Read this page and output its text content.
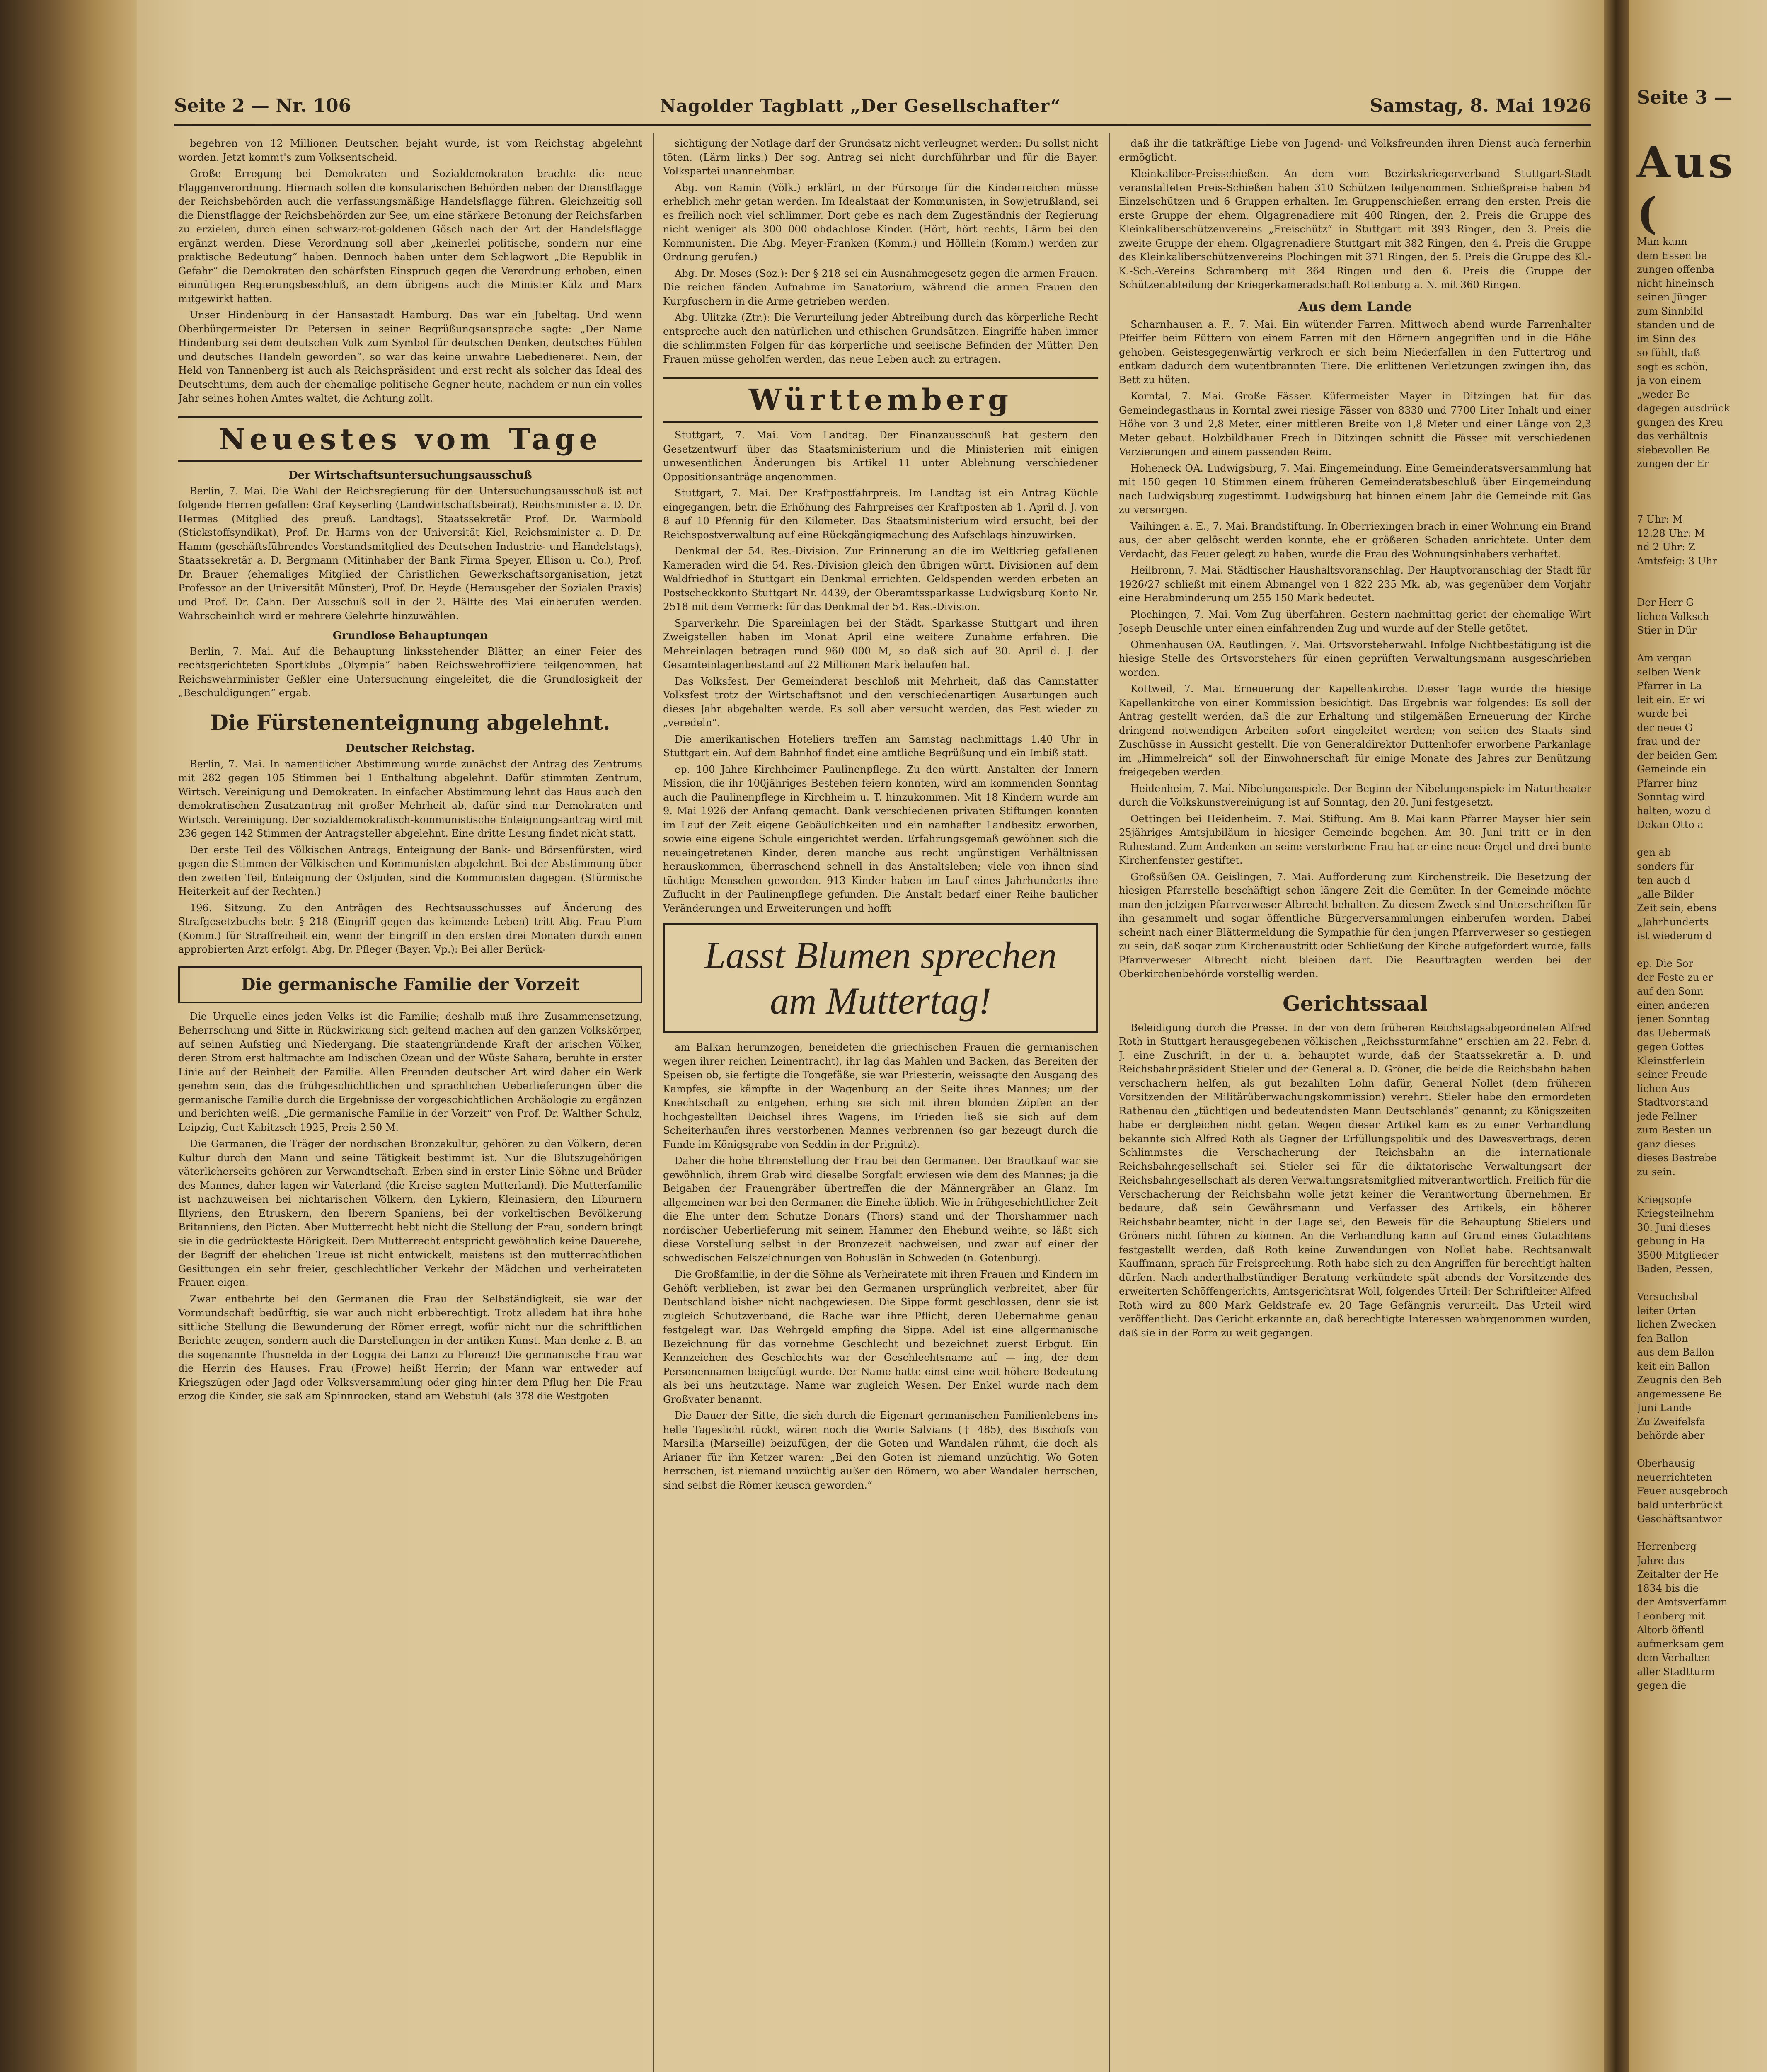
Seite 2 — Nr. 106	Nagolder Tagblatt „Der Gesellschafter“	Samstag, 8. Mai 1926

begehren von 12 Millionen Deutschen bejaht wurde, ist vom Reichstag abgelehnt worden. Jetzt kommt's zum Volksentscheid.

Große Erregung bei Demokraten und Sozialdemokraten brachte die neue Flaggenverordnung. Hiernach sollen die konsularischen Behörden neben der Dienstflagge der Reichsbehörden auch die verfassungsmäßige Handelsflagge führen. Gleichzeitig soll die Dienstflagge der Reichsbehörden zur See, um eine stärkere Betonung der Reichsfarben zu erzielen, durch einen schwarz-rot-goldenen Gösch nach der Art der Handelsflagge ergänzt werden. Diese Verordnung soll aber „keinerlei politische, sondern nur eine praktische Bedeutung“ haben. Dennoch haben unter dem Schlagwort „Die Republik in Gefahr“ die Demokraten den schärfsten Einspruch gegen die Verordnung erhoben, einen einmütigen Regierungsbeschluß, an dem übrigens auch die Minister Külz und Marx mitgewirkt hatten.

Unser Hindenburg in der Hansastadt Hamburg. Das war ein Jubeltag. Und wenn Oberbürgermeister Dr. Petersen in seiner Begrüßungsansprache sagte: „Der Name Hindenburg sei dem deutschen Volk zum Symbol für deutschen Denken, deutsches Fühlen und deutsches Handeln geworden“, so war das keine unwahre Liebedienerei. Nein, der Held von Tannenberg ist auch als Reichspräsident und erst recht als solcher das Ideal des Deutschtums, dem auch der ehemalige politische Gegner heute, nachdem er nun ein volles Jahr seines hohen Amtes waltet, die Achtung zollt.

Neuestes vom Tage
Der Wirtschaftsuntersuchungsausschuß

Berlin, 7. Mai. Die Wahl der Reichsregierung für den Untersuchungsausschuß ist auf folgende Herren gefallen: Graf Keyserling (Landwirtschaftsbeirat), Reichsminister a. D. Dr. Hermes (Mitglied des preuß. Landtags), Staatssekretär Prof. Dr. Warmbold (Stickstoffsyndikat), Prof. Dr. Harms von der Universität Kiel, Reichsminister a. D. Dr. Hamm (geschäftsführendes Vorstandsmitglied des Deutschen Industrie- und Handelstags), Staatssekretär a. D. Bergmann (Mitinhaber der Bank Firma Speyer, Ellison u. Co.), Prof. Dr. Brauer (ehemaliges Mitglied der Christlichen Gewerkschaftsorganisation, jetzt Professor an der Universität Münster), Prof. Dr. Heyde (Herausgeber der Sozialen Praxis) und Prof. Dr. Cahn. Der Ausschuß soll in der 2. Hälfte des Mai einberufen werden. Wahrscheinlich wird er mehrere Gelehrte hinzuwählen.

Grundlose Behauptungen

Berlin, 7. Mai. Auf die Behauptung linksstehender Blätter, an einer Feier des rechtsgerichteten Sportklubs „Olympia“ haben Reichswehroffiziere teilgenommen, hat Reichswehrminister Geßler eine Untersuchung eingeleitet, die die Grundlosigkeit der „Beschuldigungen“ ergab.

Die Fürstenenteignung abgelehnt.
Deutscher Reichstag.

Berlin, 7. Mai. In namentlicher Abstimmung wurde zunächst der Antrag des Zentrums mit 282 gegen 105 Stimmen bei 1 Enthaltung abgelehnt. Dafür stimmten Zentrum, Wirtsch. Vereinigung und Demokraten. In einfacher Abstimmung lehnt das Haus auch den demokratischen Zusatzantrag mit großer Mehrheit ab, dafür sind nur Demokraten und Wirtsch. Vereinigung. Der sozialdemokratisch-kommunistische Enteignungsantrag wird mit 236 gegen 142 Stimmen der Antragsteller abgelehnt. Eine dritte Lesung findet nicht statt.

Der erste Teil des Völkischen Antrags, Enteignung der Bank- und Börsenfürsten, wird gegen die Stimmen der Völkischen und Kommunisten abgelehnt. Bei der Abstimmung über den zweiten Teil, Enteignung der Ostjuden, sind die Kommunisten dagegen. (Stürmische Heiterkeit auf der Rechten.)

196. Sitzung. Zu den Anträgen des Rechtsausschusses auf Änderung des Strafgesetzbuchs betr. § 218 (Eingriff gegen das keimende Leben) tritt Abg. Frau Plum (Komm.) für Straffreiheit ein, wenn der Eingriff in den ersten drei Monaten durch einen approbierten Arzt erfolgt. Abg. Dr. Pfleger (Bayer. Vp.): Bei aller Berück-

Die germanische Familie der Vorzeit

Die Urquelle eines jeden Volks ist die Familie; deshalb muß ihre Zusammensetzung, Beherrschung und Sitte in Rückwirkung sich geltend machen auf den ganzen Volkskörper, auf seinen Aufstieg und Niedergang. Die staatengründende Kraft der arischen Völker, deren Strom erst haltmachte am Indischen Ozean und der Wüste Sahara, beruhte in erster Linie auf der Reinheit der Familie. Allen Freunden deutscher Art wird daher ein Werk genehm sein, das die frühgeschichtlichen und sprachlichen Ueberlieferungen über die germanische Familie durch die Ergebnisse der vorgeschichtlichen Archäologie zu ergänzen und berichten weiß. „Die germanische Familie in der Vorzeit“ von Prof. Dr. Walther Schulz, Leipzig, Curt Kabitzsch 1925, Preis 2.50 M.

Die Germanen, die Träger der nordischen Bronzekultur, gehören zu den Völkern, deren Kultur durch den Mann und seine Tätigkeit bestimmt ist. Nur die Blutszugehörigen väterlicherseits gehören zur Verwandtschaft. Erben sind in erster Linie Söhne und Brüder des Mannes, daher lagen wir Vaterland (die Kreise sagten Mutterland). Die Mutterfamilie ist nachzuweisen bei nichtarischen Völkern, den Lykiern, Kleinasiern, den Liburnern Illyriens, den Etruskern, den Iberern Spaniens, bei der vorkeltischen Bevölkerung Britanniens, den Picten. Aber Mutterrecht hebt nicht die Stellung der Frau, sondern bringt sie in die gedrückteste Hörigkeit. Dem Mutterrecht entspricht gewöhnlich keine Dauerehe, der Begriff der ehelichen Treue ist nicht entwickelt, meistens ist den mutterrechtlichen Gesittungen ein sehr freier, geschlechtlicher Verkehr der Mädchen und verheirateten Frauen eigen.

Zwar entbehrte bei den Germanen die Frau der Selbständigkeit, sie war der Vormundschaft bedürftig, sie war auch nicht erbberechtigt. Trotz alledem hat ihre hohe sittliche Stellung die Bewunderung der Römer erregt, wofür nicht nur die schriftlichen Berichte zeugen, sondern auch die Darstellungen in der antiken Kunst. Man denke z. B. an die sogenannte Thusnelda in der Loggia dei Lanzi zu Florenz! Die germanische Frau war die Herrin des Hauses. Frau (Frowe) heißt Herrin; der Mann war entweder auf Kriegszügen oder Jagd oder Volksversammlung oder ging hinter dem Pflug her. Die Frau erzog die Kinder, sie saß am Spinnrocken, stand am Webstuhl (als 378 die Westgoten

sichtigung der Notlage darf der Grundsatz nicht verleugnet werden: Du sollst nicht töten. (Lärm links.) Der sog. Antrag sei nicht durchführbar und für die Bayer. Volkspartei unannehmbar.

Abg. von Ramin (Völk.) erklärt, in der Fürsorge für die Kinderreichen müsse erheblich mehr getan werden. Im Idealstaat der Kommunisten, in Sowjetrußland, sei es freilich noch viel schlimmer. Dort gebe es nach dem Zugeständnis der Regierung nicht weniger als 300 000 obdachlose Kinder. (Hört, hört rechts, Lärm bei den Kommunisten. Die Abg. Meyer-Franken (Komm.) und Hölllein (Komm.) werden zur Ordnung gerufen.)

Abg. Dr. Moses (Soz.): Der § 218 sei ein Ausnahmegesetz gegen die armen Frauen. Die reichen fänden Aufnahme im Sanatorium, während die armen Frauen den Kurpfuschern in die Arme getrieben werden.

Abg. Ulitzka (Ztr.): Die Verurteilung jeder Abtreibung durch das körperliche Recht entspreche auch den natürlichen und ethischen Grundsätzen. Eingriffe haben immer die schlimmsten Folgen für das körperliche und seelische Befinden der Mütter. Den Frauen müsse geholfen werden, das neue Leben auch zu ertragen.

Württemberg

Stuttgart, 7. Mai. Vom Landtag. Der Finanzausschuß hat gestern den Gesetzentwurf über das Staatsministerium und die Ministerien mit einigen unwesentlichen Änderungen bis Artikel 11 unter Ablehnung verschiedener Oppositionsanträge angenommen.

Stuttgart, 7. Mai. Der Kraftpostfahrpreis. Im Landtag ist ein Antrag Küchle eingegangen, betr. die Erhöhung des Fahrpreises der Kraftposten ab 1. April d. J. von 8 auf 10 Pfennig für den Kilometer. Das Staatsministerium wird ersucht, bei der Reichspostverwaltung auf eine Rückgängigmachung des Aufschlags hinzuwirken.

Denkmal der 54. Res.-Division. Zur Erinnerung an die im Weltkrieg gefallenen Kameraden wird die 54. Res.-Division gleich den übrigen württ. Divisionen auf dem Waldfriedhof in Stuttgart ein Denkmal errichten. Geldspenden werden erbeten an Postscheckkonto Stuttgart Nr. 4439, der Oberamtssparkasse Ludwigsburg Konto Nr. 2518 mit dem Vermerk: für das Denkmal der 54. Res.-Division.

Sparverkehr. Die Spareinlagen bei der Städt. Sparkasse Stuttgart und ihren Zweigstellen haben im Monat April eine weitere Zunahme erfahren. Die Mehreinlagen betragen rund 960 000 M, so daß sich auf 30. April d. J. der Gesamteinlagenbestand auf 22 Millionen Mark belaufen hat.

Das Volksfest. Der Gemeinderat beschloß mit Mehrheit, daß das Cannstatter Volksfest trotz der Wirtschaftsnot und den verschiedenartigen Ausartungen auch dieses Jahr abgehalten werde. Es soll aber versucht werden, das Fest wieder zu „veredeln“.

Die amerikanischen Hoteliers treffen am Samstag nachmittags 1.40 Uhr in Stuttgart ein. Auf dem Bahnhof findet eine amtliche Begrüßung und ein Imbiß statt.

ep. 100 Jahre Kirchheimer Paulinenpflege. Zu den württ. Anstalten der Innern Mission, die ihr 100jähriges Bestehen feiern konnten, wird am kommenden Sonntag auch die Paulinenpflege in Kirchheim u. T. hinzukommen. Mit 18 Kindern wurde am 9. Mai 1926 der Anfang gemacht. Dank verschiedenen privaten Stiftungen konnten im Lauf der Zeit eigene Gebäulichkeiten und ein namhafter Landbesitz erworben, sowie eine eigene Schule eingerichtet werden. Erfahrungsgemäß gewöhnen sich die neueingetretenen Kinder, deren manche aus recht ungünstigen Verhältnissen herauskommen, überraschend schnell in das Anstaltsleben; viele von ihnen sind tüchtige Menschen geworden. 913 Kinder haben im Lauf eines Jahrhunderts ihre Zuflucht in der Paulinenpflege gefunden. Die Anstalt bedarf einer Reihe baulicher Veränderungen und Erweiterungen und hofft

Lasst Blumen sprechen
am Muttertag!

am Balkan herumzogen, beneideten die griechischen Frauen die germanischen wegen ihrer reichen Leinentracht), ihr lag das Mahlen und Backen, das Bereiten der Speisen ob, sie fertigte die Tongefäße, sie war Priesterin, weissagte den Ausgang des Kampfes, sie kämpfte in der Wagenburg an der Seite ihres Mannes; um der Knechtschaft zu entgehen, erhing sie sich mit ihren blonden Zöpfen an der hochgestellten Deichsel ihres Wagens, im Frieden ließ sie sich auf dem Scheiterhaufen ihres verstorbenen Mannes verbrennen (so gar bezeugt durch die Funde im Königsgrabe von Seddin in der Prignitz).

Daher die hohe Ehrenstellung der Frau bei den Germanen. Der Brautkauf war sie gewöhnlich, ihrem Grab wird dieselbe Sorgfalt erwiesen wie dem des Mannes; ja die Beigaben der Frauengräber übertreffen die der Männergräber an Glanz. Im allgemeinen war bei den Germanen die Einehe üblich. Wie in frühgeschichtlicher Zeit die Ehe unter dem Schutze Donars (Thors) stand und der Thorshammer nach nordischer Ueberlieferung mit seinem Hammer den Ehebund weihte, so läßt sich diese Vorstellung selbst in der Bronzezeit nachweisen, und zwar auf einer der schwedischen Felszeichnungen von Bohuslän in Schweden (n. Gotenburg).

Die Großfamilie, in der die Söhne als Verheiratete mit ihren Frauen und Kindern im Gehöft verblieben, ist zwar bei den Germanen ursprünglich verbreitet, aber für Deutschland bisher nicht nachgewiesen. Die Sippe formt geschlossen, denn sie ist zugleich Schutzverband, die Rache war ihre Pflicht, deren Uebernahme genau festgelegt war. Das Wehrgeld empfing die Sippe. Adel ist eine allgermanische Bezeichnung für das vornehme Geschlecht und bezeichnet zuerst Erbgut. Ein Kennzeichen des Geschlechts war der Geschlechtsname auf — ing, der dem Personennamen beigefügt wurde. Der Name hatte einst eine weit höhere Bedeutung als bei uns heutzutage. Name war zugleich Wesen. Der Enkel wurde nach dem Großvater benannt.

Die Dauer der Sitte, die sich durch die Eigenart germanischen Familienlebens ins helle Tageslicht rückt, wären noch die Worte Salvians († 485), des Bischofs von Marsilia (Marseille) beizufügen, der die Goten und Wandalen rühmt, die doch als Arianer für ihn Ketzer waren: „Bei den Goten ist niemand unzüchtig. Wo Goten herrschen, ist niemand unzüchtig außer den Römern, wo aber Wandalen herrschen, sind selbst die Römer keusch geworden.“

daß ihr die tatkräftige Liebe von Jugend- und Volksfreunden ihren Dienst auch fernerhin ermöglicht.

Kleinkaliber-Preisschießen. An dem vom Bezirkskriegerverband Stuttgart-Stadt veranstalteten Preis-Schießen haben 310 Schützen teilgenommen. Schießpreise haben 54 Einzelschützen und 6 Gruppen erhalten. Im Gruppenschießen errang den ersten Preis die erste Gruppe der ehem. Olgagrenadiere mit 400 Ringen, den 2. Preis die Gruppe des Kleinkaliberschützenvereins „Freischütz“ in Stuttgart mit 393 Ringen, den 3. Preis die zweite Gruppe der ehem. Olgagrenadiere Stuttgart mit 382 Ringen, den 4. Preis die Gruppe des Kleinkaliberschützenvereins Plochingen mit 371 Ringen, den 5. Preis die Gruppe des Kl.-K.-Sch.-Vereins Schramberg mit 364 Ringen und den 6. Preis die Gruppe der Schützenabteilung der Kriegerkameradschaft Rottenburg a. N. mit 360 Ringen.

Aus dem Lande

Scharnhausen a. F., 7. Mai. Ein wütender Farren. Mittwoch abend wurde Farrenhalter Pfeiffer beim Füttern von einem Farren mit den Hörnern angegriffen und in die Höhe gehoben. Geistesgegenwärtig verkroch er sich beim Niederfallen in den Futtertrog und entkam dadurch dem wutentbrannten Tiere. Die erlittenen Verletzungen zwingen ihn, das Bett zu hüten.

Korntal, 7. Mai. Große Fässer. Küfermeister Mayer in Ditzingen hat für das Gemeindegasthaus in Korntal zwei riesige Fässer von 8330 und 7700 Liter Inhalt und einer Höhe von 3 und 2,8 Meter, einer mittleren Breite von 1,8 Meter und einer Länge von 2,3 Meter gebaut. Holzbildhauer Frech in Ditzingen schnitt die Fässer mit verschiedenen Verzierungen und einem passenden Reim.

Hoheneck OA. Ludwigsburg, 7. Mai. Eingemeindung. Eine Gemeinderatsversammlung hat mit 150 gegen 10 Stimmen einem früheren Gemeinderatsbeschluß über Eingemeindung nach Ludwigsburg zugestimmt. Ludwigsburg hat binnen einem Jahr die Gemeinde mit Gas zu versorgen.

Vaihingen a. E., 7. Mai. Brandstiftung. In Oberriexingen brach in einer Wohnung ein Brand aus, der aber gelöscht werden konnte, ehe er größeren Schaden anrichtete. Unter dem Verdacht, das Feuer gelegt zu haben, wurde die Frau des Wohnungsinhabers verhaftet.

Heilbronn, 7. Mai. Städtischer Haushaltsvoranschlag. Der Hauptvoranschlag der Stadt für 1926/27 schließt mit einem Abmangel von 1 822 235 Mk. ab, was gegenüber dem Vorjahr eine Herabminderung um 255 150 Mark bedeutet.

Plochingen, 7. Mai. Vom Zug überfahren. Gestern nachmittag geriet der ehemalige Wirt Joseph Deuschle unter einen einfahrenden Zug und wurde auf der Stelle getötet.

Ohmenhausen OA. Reutlingen, 7. Mai. Ortsvorsteherwahl. Infolge Nichtbestätigung ist die hiesige Stelle des Ortsvorstehers für einen geprüften Verwaltungsmann ausgeschrieben worden.

Kottweil, 7. Mai. Erneuerung der Kapellenkirche. Dieser Tage wurde die hiesige Kapellenkirche von einer Kommission besichtigt. Das Ergebnis war folgendes: Es soll der Antrag gestellt werden, daß die zur Erhaltung und stilgemäßen Erneuerung der Kirche dringend notwendigen Arbeiten sofort eingeleitet werden; von seiten des Staats sind Zuschüsse in Aussicht gestellt. Die von Generaldirektor Duttenhofer erworbene Parkanlage im „Himmelreich“ soll der Einwohnerschaft für einige Monate des Jahres zur Benützung freigegeben werden.

Heidenheim, 7. Mai. Nibelungenspiele. Der Beginn der Nibelungenspiele im Naturtheater durch die Volkskunstvereinigung ist auf Sonntag, den 20. Juni festgesetzt.

Oettingen bei Heidenheim. 7. Mai. Stiftung. Am 8. Mai kann Pfarrer Mayser hier sein 25jähriges Amtsjubiläum in hiesiger Gemeinde begehen. Am 30. Juni tritt er in den Ruhestand. Zum Andenken an seine verstorbene Frau hat er eine neue Orgel und drei bunte Kirchenfenster gestiftet.

Großsüßen OA. Geislingen, 7. Mai. Aufforderung zum Kirchenstreik. Die Besetzung der hiesigen Pfarrstelle beschäftigt schon längere Zeit die Gemüter. In der Gemeinde möchte man den jetzigen Pfarrverweser Albrecht behalten. Zu diesem Zweck sind Unterschriften für ihn gesammelt und sogar öffentliche Bürgerversammlungen einberufen worden. Dabei scheint nach einer Blättermeldung die Sympathie für den jungen Pfarrverweser so gestiegen zu sein, daß sogar zum Kirchenaustritt oder Schließung der Kirche aufgefordert wurde, falls Pfarrverweser Albrecht nicht bleiben darf. Die Beauftragten werden bei der Oberkirchenbehörde vorstellig werden.

Gerichtssaal

Beleidigung durch die Presse. In der von dem früheren Reichstagsabgeordneten Alfred Roth in Stuttgart herausgegebenen völkischen „Reichssturmfahne“ erschien am 22. Febr. d. J. eine Zuschrift, in der u. a. behauptet wurde, daß der Staatssekretär a. D. und Reichsbahnpräsident Stieler und der General a. D. Gröner, die beide die Reichsbahn haben verschachern helfen, als gut bezahlten Lohn dafür, General Nollet (dem früheren Vorsitzenden der Militärüberwachungskommission) verehrt. Stieler habe den ermordeten Rathenau den „tüchtigen und bedeutendsten Mann Deutschlands“ genannt; zu Königszeiten habe er dergleichen nicht getan. Wegen dieser Artikel kam es zu einer Verhandlung bekannte sich Alfred Roth als Gegner der Erfüllungspolitik und des Dawesvertrags, deren Schlimmstes die Verschacherung der Reichsbahn an die internationale Reichsbahngesellschaft sei. Stieler sei für die diktatorische Verwaltungsart der Reichsbahngesellschaft als deren Verwaltungsratsmitglied mitverantwortlich. Freilich für die Verschacherung der Reichsbahn wolle jetzt keiner die Verantwortung übernehmen. Er bedaure, daß sein Gewährsmann und Verfasser des Artikels, ein höherer Reichsbahnbeamter, nicht in der Lage sei, den Beweis für die Behauptung Stielers und Gröners nicht führen zu können. An die Verhandlung kann auf Grund eines Gutachtens festgestellt werden, daß Roth keine Zuwendungen von Nollet habe. Rechtsanwalt Kauffmann, sprach für Freisprechung. Roth habe sich zu den Angriffen für berechtigt halten dürfen. Nach anderthalbstündiger Beratung verkündete spät abends der Vorsitzende des erweiterten Schöffengerichts, Amtsgerichtsrat Woll, folgendes Urteil: Der Schriftleiter Alfred Roth wird zu 800 Mark Geldstrafe ev. 20 Tage Gefängnis verurteilt. Das Urteil wird veröffentlicht. Das Gericht erkannte an, daß berechtigte Interessen wahrgenommen wurden, daß sie in der Form zu weit gegangen.

Seite 3 —
Aus (

Man kann
dem Essen be
zungen offenba
nicht hineinsch
seinen Jünger
zum Sinnbild
standen und de
im Sinn des
so fühlt, daß
sogt es schön,
ja von einem
„weder Be
dagegen ausdrück
gungen des Kreu
das verhältnis
siebevollen Be
zungen der Er

7 Uhr: M
12.28 Uhr: M
nd 2 Uhr: Z
Amtsfeig: 3 Uhr

Der Herr G
lichen Volksch
Stier in Dür

Am vergan
selben Wenk
Pfarrer in La
leit ein. Er wi
wurde bei
der neue G
frau und der
der beiden Gem
Gemeinde ein
Pfarrer hinz
Sonntag wird
halten, wozu d
Dekan Otto a

gen ab
sonders für
ten auch d
„alle Bilder
Zeit sein, ebens
„Jahrhunderts
ist wiederum d

ep. Die Sor
der Feste zu er
auf den Sonn
einen anderen
jenen Sonntag
das Uebermaß
gegen Gottes
Kleinstferlein
seiner Freude
lichen Aus
Stadtvorstand
jede Fellner
zum Besten un
ganz dieses
dieses Bestrebe
zu sein.

Kriegsopfe
Kriegsteilnehm
30. Juni dieses
gebung in Ha
3500 Mitglieder
Baden, Pessen,

Versuchsbal
leiter Orten
lichen Zwecken
fen Ballon
aus dem Ballon
keit ein Ballon
Zeugnis den Beh
angemessene Be
Juni Lande
Zu Zweifelsfa
behörde aber

Oberhausig
neuerrichteten
Feuer ausgebroch
bald unterbrückt
Geschäftsantwor

Herrenberg
Jahre das
Zeitalter der He
1834 bis die
der Amtsverfamm
Leonberg mit
Altorb öffentl
aufmerksam gem
dem Verhalten
aller Stadtturm
gegen die
